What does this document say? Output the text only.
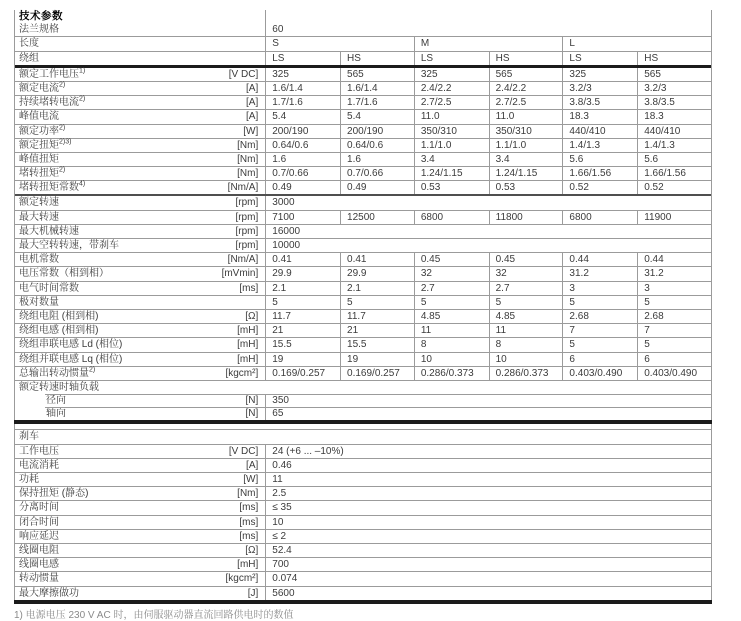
技术参数
法兰规格	60
长度	S	M	L
绕组	LS	HS	LS	HS	LS	HS
额定工作电压$^{1)}$	[V DC]	325	565	325	565	325	565
额定电流$^{2)}$	[A]	1.6/1.4	1.6/1.4	2.4/2.2	2.4/2.2	3.2/3	3.2/3
持续堵转电流$^{2)}$	[A]	1.7/1.6	1.7/1.6	2.7/2.5	2.7/2.5	3.8/3.5	3.8/3.5
峰值电流	[A]	5.4	5.4	11.0	11.0	18.3	18.3
额定功率$^{2)}$	[W]	200/190	200/190	350/310	350/310	440/410	440/410
额定扭矩$^{2)3)}$	[Nm]	0.64/0.6	0.64/0.6	1.1/1.0	1.1/1.0	1.4/1.3	1.4/1.3
峰值扭矩	[Nm]	1.6	1.6	3.4	3.4	5.6	5.6
堵转扭矩$^{2)}$	[Nm]	0.7/0.66	0.7/0.66	1.24/1.15	1.24/1.15	1.66/1.56	1.66/1.56
堵转扭矩常数$^{4)}$	[Nm/A]	0.49	0.49	0.53	0.53	0.52	0.52
额定转速	[rpm]	3000
最大转速	[rpm]	7100	12500	6800	11800	6800	11900
最大机械转速	[rpm]	16000
最大空转转速，带刹车	[rpm]	10000
电机常数	[Nm/A]	0.41	0.41	0.45	0.45	0.44	0.44
电压常数（相到相）	[mVmin]	29.9	29.9	32	32	31.2	31.2
电气时间常数	[ms]	2.1	2.1	2.7	2.7	3	3
极对数量	5	5	5	5	5	5
绕组电阻 (相到相)	[Ω]	11.7	11.7	4.85	4.85	2.68	2.68
绕组电感 (相到相)	[mH]	21	21	11	11	7	7
绕组串联电感 Ld (相位)	[mH]	15.5	15.5	8	8	5	5
绕组并联电感 Lq (相位)	[mH]	19	19	10	10	6	6
总输出转动惯量$^{2)}$	[kgcm²]	0.169/0.257	0.169/0.257	0.286/0.373	0.286/0.373	0.403/0.490	0.403/0.490
额定转速时轴负载
径向	[N]	350
轴向	[N]	65
刹车
工作电压	[V DC]	24 (+6 ... –10%)
电流消耗	[A]	0.46
功耗	[W]	11
保持扭矩 (静态)	[Nm]	2.5
分离时间	[ms]	≤ 35
闭合时间	[ms]	10
响应延迟	[ms]	≤ 2
线圈电阻	[Ω]	52.4
线圈电感	[mH]	700
转动惯量	[kgcm²]	0.074
最大摩擦做功	[J]	5600
1) 电源电压 230 V AC 时，由伺服驱动器直流回路供电时的数值
